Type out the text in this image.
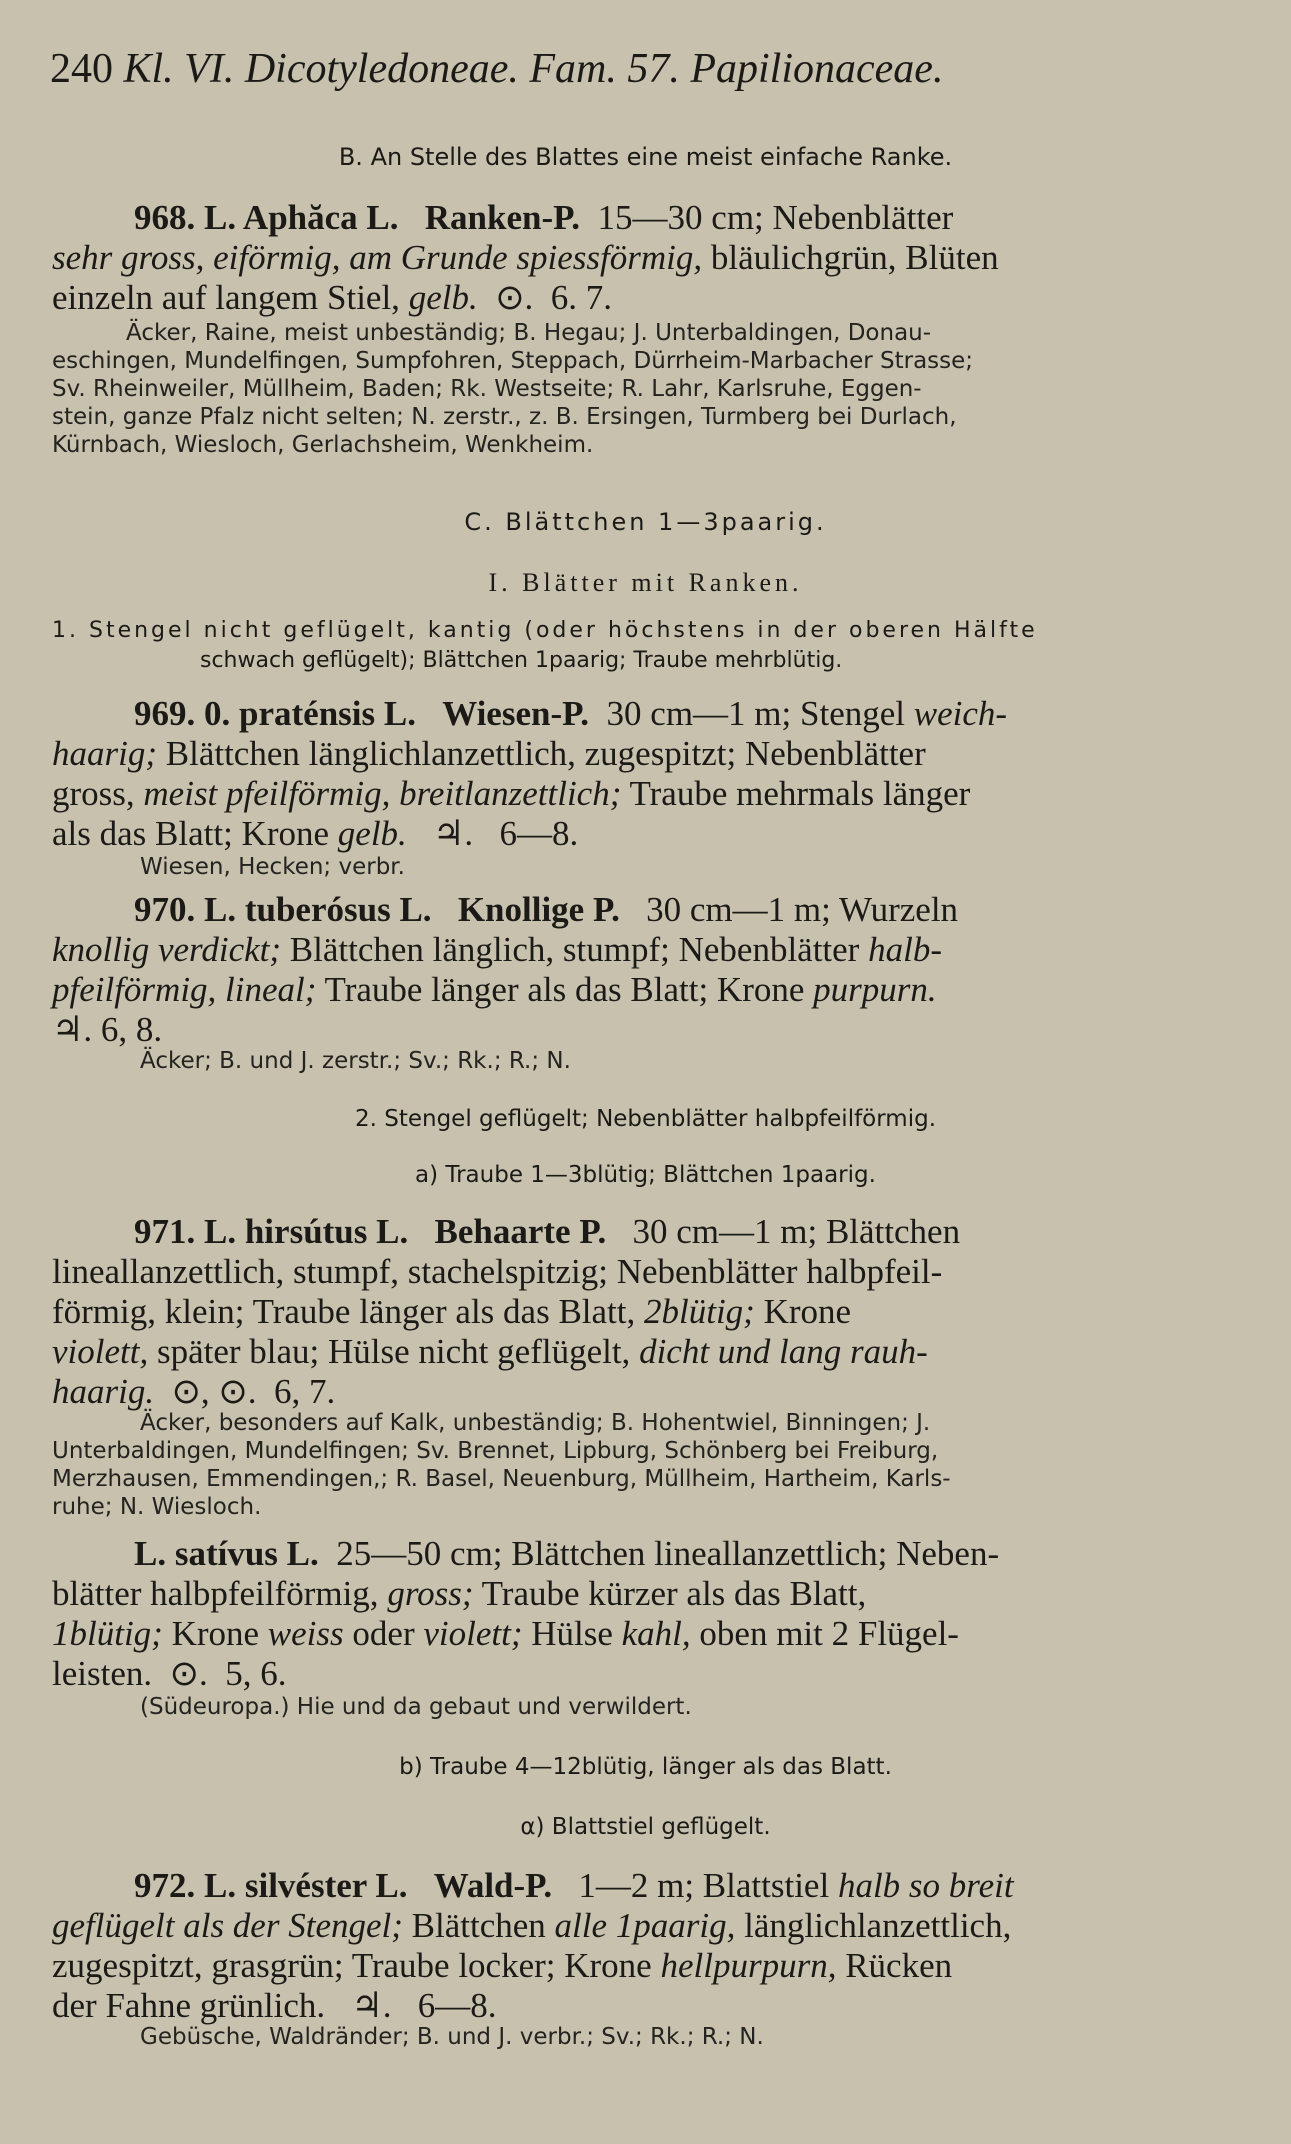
240 Kl. VI. Dicotyledoneae. Fam. 57. Papilionaceae.
B. An Stelle des Blattes eine meist einfache Ranke.
968. L. Aphăca L. Ranken-P. 15—30 cm; Nebenblätter
sehr gross, eiförmig, am Grunde spiessförmig, bläulichgrün, Blüten
einzeln auf langem Stiel, gelb. ⊙. 6. 7.
Äcker, Raine, meist unbeständig; B. Hegau; J. Unterbaldingen, Donau-
eschingen, Mundelfingen, Sumpfohren, Steppach, Dürrheim-Marbacher Strasse;
Sv. Rheinweiler, Müllheim, Baden; Rk. Westseite; R. Lahr, Karlsruhe, Eggen-
stein, ganze Pfalz nicht selten; N. zerstr., z. B. Ersingen, Turmberg bei Durlach,
Kürnbach, Wiesloch, Gerlachsheim, Wenkheim.
C. Blättchen 1—3paarig.
I. Blätter mit Ranken.
1. Stengel nicht geflügelt, kantig (oder höchstens in der oberen Hälfte
schwach geflügelt); Blättchen 1paarig; Traube mehrblütig.
969. 0. praténsis L. Wiesen-P. 30 cm—1 m; Stengel weich-
haarig; Blättchen länglichlanzettlich, zugespitzt; Nebenblätter
gross, meist pfeilförmig, breitlanzettlich; Traube mehrmals länger
als das Blatt; Krone gelb. ♃. 6—8.
Wiesen, Hecken; verbr.
970. L. tuberósus L. Knollige P. 30 cm—1 m; Wurzeln
knollig verdickt; Blättchen länglich, stumpf; Nebenblätter halb-
pfeilförmig, lineal; Traube länger als das Blatt; Krone purpurn.
♃. 6, 8.
Äcker; B. und J. zerstr.; Sv.; Rk.; R.; N.
2. Stengel geflügelt; Nebenblätter halbpfeilförmig.
a) Traube 1—3blütig; Blättchen 1paarig.
971. L. hirsútus L. Behaarte P. 30 cm—1 m; Blättchen
lineallanzettlich, stumpf, stachelspitzig; Nebenblätter halbpfeil-
förmig, klein; Traube länger als das Blatt, 2blütig; Krone
violett, später blau; Hülse nicht geflügelt, dicht und lang rauh-
haarig. ⊙, ⊙. 6, 7.
Äcker, besonders auf Kalk, unbeständig; B. Hohentwiel, Binningen; J.
Unterbaldingen, Mundelfingen; Sv. Brennet, Lipburg, Schönberg bei Freiburg,
Merzhausen, Emmendingen,; R. Basel, Neuenburg, Müllheim, Hartheim, Karls-
ruhe; N. Wiesloch.
L. satívus L. 25—50 cm; Blättchen lineallanzettlich; Neben-
blätter halbpfeilförmig, gross; Traube kürzer als das Blatt,
1blütig; Krone weiss oder violett; Hülse kahl, oben mit 2 Flügel-
leisten. ⊙. 5, 6.
(Südeuropa.) Hie und da gebaut und verwildert.
b) Traube 4—12blütig, länger als das Blatt.
α) Blattstiel geflügelt.
972. L. silvéster L. Wald-P. 1—2 m; Blattstiel halb so breit
geflügelt als der Stengel; Blättchen alle 1paarig, länglichlanzettlich,
zugespitzt, grasgrün; Traube locker; Krone hellpurpurn, Rücken
der Fahne grünlich. ♃. 6—8.
Gebüsche, Waldränder; B. und J. verbr.; Sv.; Rk.; R.; N.
